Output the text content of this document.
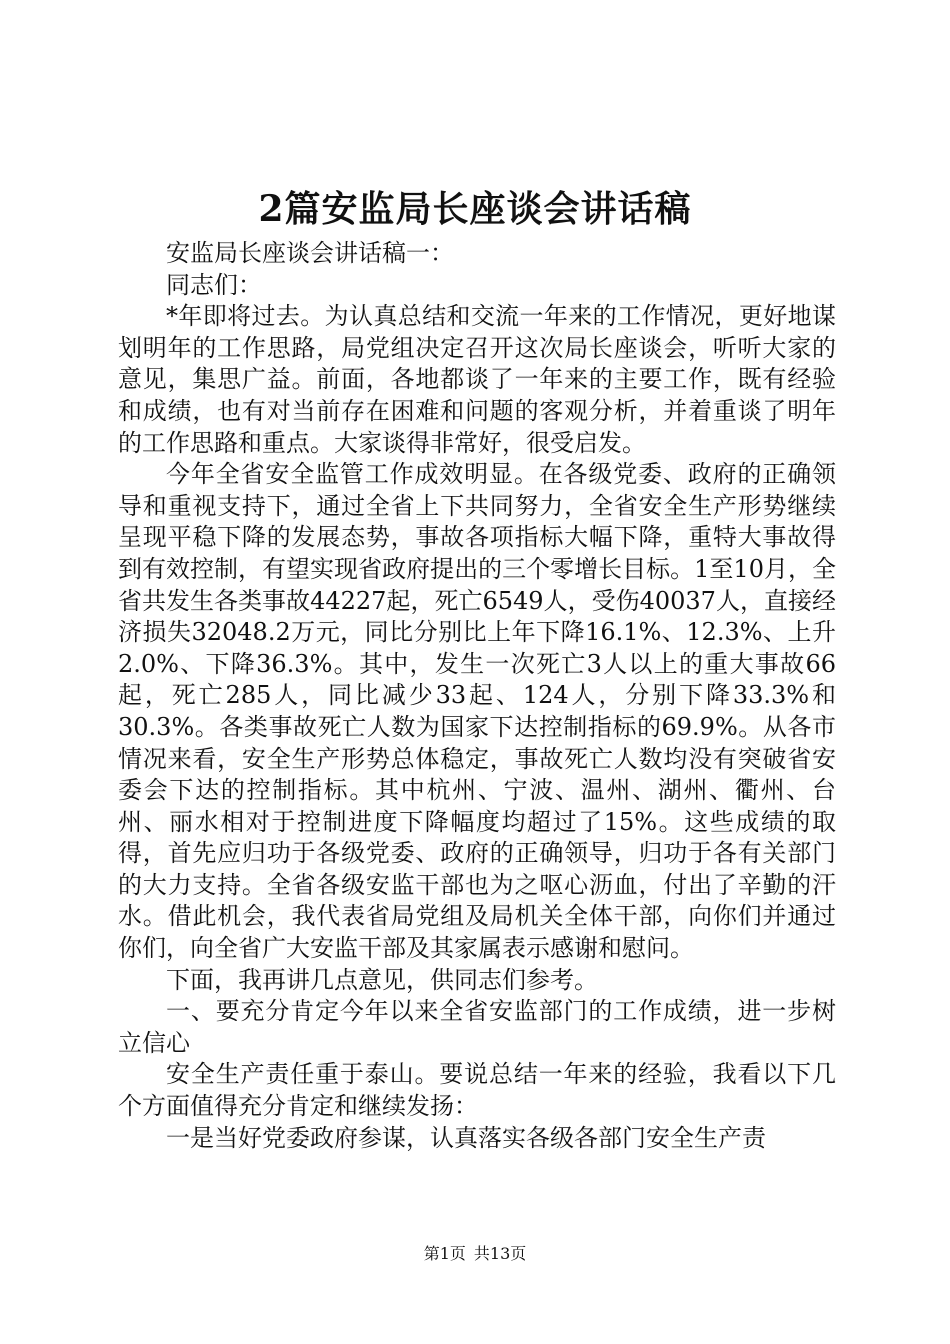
2篇安监局长座谈会讲话稿

安监局长座谈会讲话稿一：

同志们：

*年即将过去。为认真总结和交流一年来的工作情况，更好地谋划明年的工作思路，局党组决定召开这次局长座谈会，听听大家的意见，集思广益。前面，各地都谈了一年来的主要工作，既有经验和成绩，也有对当前存在困难和问题的客观分析，并着重谈了明年的工作思路和重点。大家谈得非常好，很受启发。

今年全省安全监管工作成效明显。在各级党委、政府的正确领导和重视支持下，通过全省上下共同努力，全省安全生产形势继续呈现平稳下降的发展态势，事故各项指标大幅下降，重特大事故得到有效控制，有望实现省政府提出的三个零增长目标。1至10月，全省共发生各类事故44227起，死亡6549人，受伤40037人，直接经济损失32048.2万元，同比分别比上年下降16.1%、12.3%、上升2.0%、下降36.3%。其中，发生一次死亡3人以上的重大事故66起，死亡285人，同比减少33起、124人，分别下降33.3%和30.3%。各类事故死亡人数为国家下达控制指标的69.9%。从各市情况来看，安全生产形势总体稳定，事故死亡人数均没有突破省安委会下达的控制指标。其中杭州、宁波、温州、湖州、衢州、台州、丽水相对于控制进度下降幅度均超过了15%。这些成绩的取得，首先应归功于各级党委、政府的正确领导，归功于各有关部门的大力支持。全省各级安监干部也为之呕心沥血，付出了辛勤的汗水。借此机会，我代表省局党组及局机关全体干部，向你们并通过你们，向全省广大安监干部及其家属表示感谢和慰问。

下面，我再讲几点意见，供同志们参考。

一、要充分肯定今年以来全省安监部门的工作成绩，进一步树立信心

安全生产责任重于泰山。要说总结一年来的经验，我看以下几个方面值得充分肯定和继续发扬：

一是当好党委政府参谋，认真落实各级各部门安全生产责

第1页 共13页
